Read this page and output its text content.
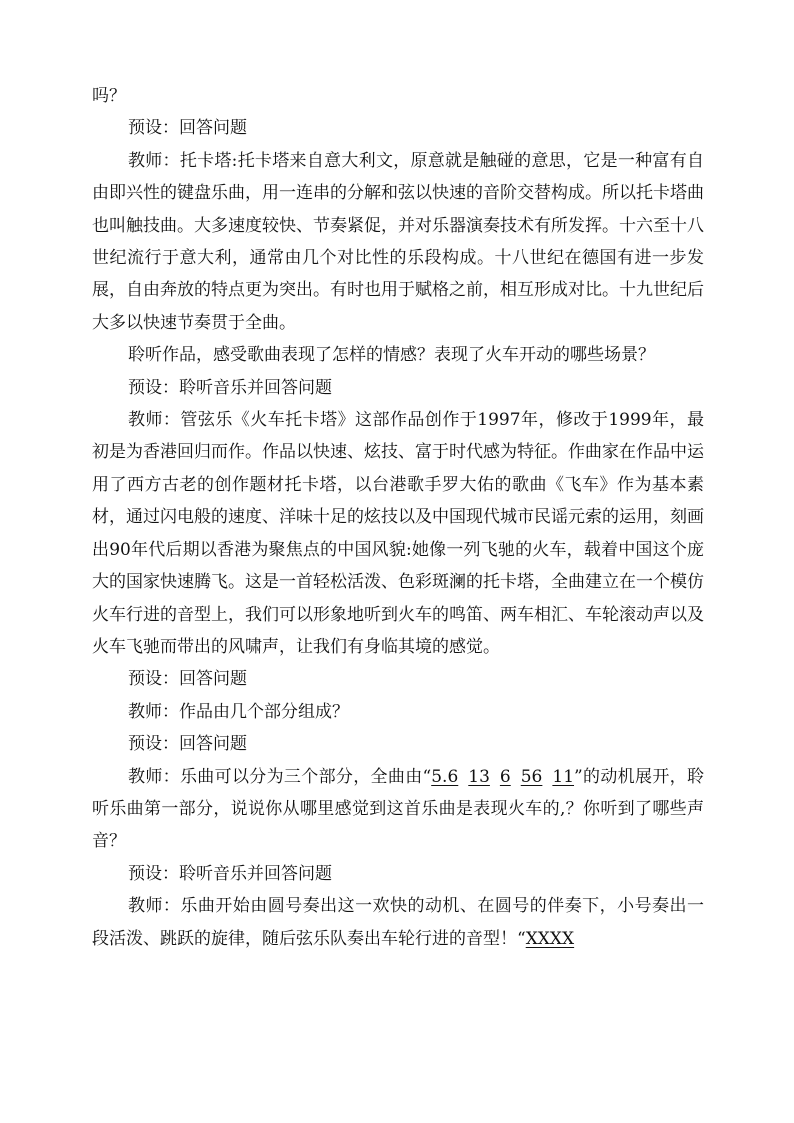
吗？

预设：回答问题

教师：托卡塔:托卡塔来自意大利文，原意就是触碰的意思，它是一种富有自由即兴性的键盘乐曲，用一连串的分解和弦以快速的音阶交替构成。所以托卡塔曲也叫触技曲。大多速度较快、节奏紧促，并对乐器演奏技术有所发挥。十六至十八世纪流行于意大利，通常由几个对比性的乐段构成。十八世纪在德国有进一步发展，自由奔放的特点更为突出。有时也用于赋格之前，相互形成对比。十九世纪后大多以快速节奏贯于全曲。

聆听作品，感受歌曲表现了怎样的情感？表现了火车开动的哪些场景？

预设：聆听音乐并回答问题

教师：管弦乐《火车托卡塔》这部作品创作于1997年，修改于1999年，最初是为香港回归而作。作品以快速、炫技、富于时代感为特征。作曲家在作品中运用了西方古老的创作题材托卡塔，以台港歌手罗大佑的歌曲《飞车》作为基本素材，通过闪电般的速度、洋味十足的炫技以及中国现代城市民谣元索的运用，刻画出90年代后期以香港为聚焦点的中国风貌:她像一列飞驰的火车，载着中国这个庞大的国家快速腾飞。这是一首轻松活泼、色彩斑澜的托卡塔，全曲建立在一个模仿火车行进的音型上，我们可以形象地听到火车的鸣笛、两车相汇、车轮滚动声以及火车飞驰而带出的风啸声，让我们有身临其境的感觉。

预设：回答问题

教师：作品由几个部分组成？

预设：回答问题

教师：乐曲可以分为三个部分，全曲由“5.6 13 6 56 11”的动机展开，聆听乐曲第一部分，说说你从哪里感觉到这首乐曲是表现火车的,？你听到了哪些声音？

预设：聆听音乐并回答问题

教师：乐曲开始由圆号奏出这一欢快的动机、在圆号的伴奏下，小号奏出一段活泼、跳跃的旋律，随后弦乐队奏出车轮行进的音型！“XXXX
